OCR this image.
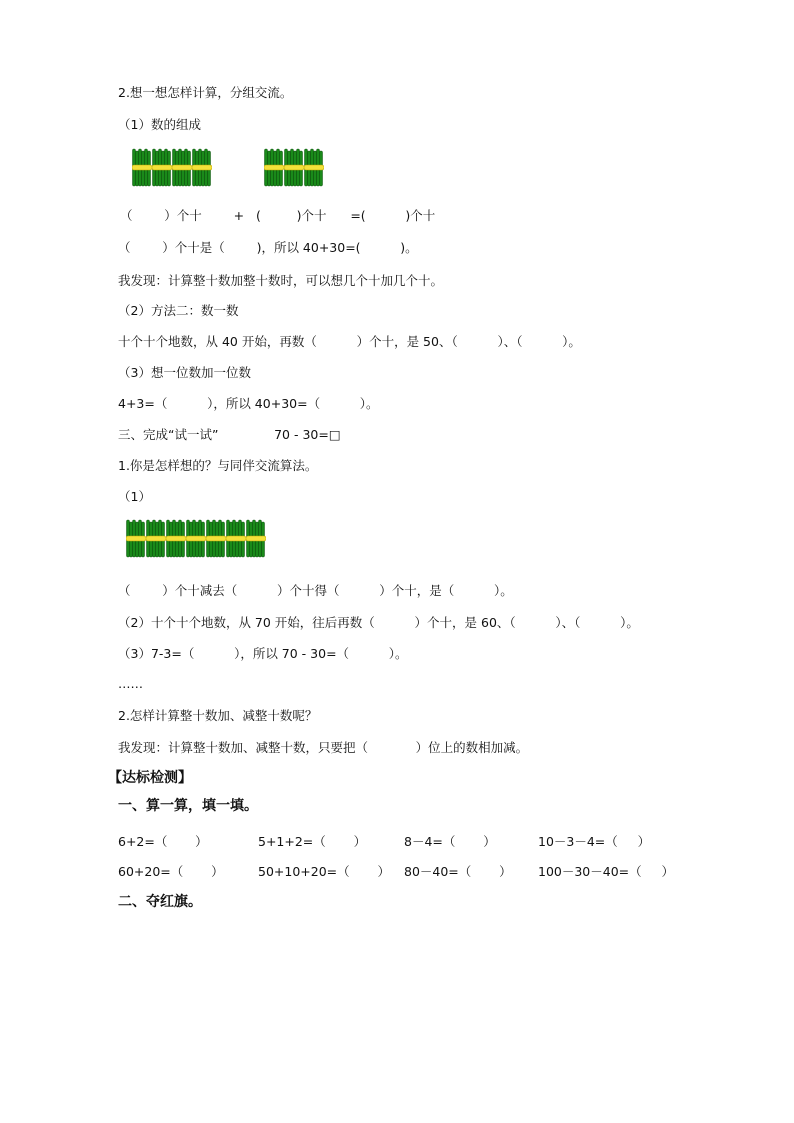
2.想一想怎样计算，分组交流。
（1）数的组成
（        ）个十        +   (         )个十      =(          )个十
（        ）个十是（        )，所以 40+30=(          )。
我发现：计算整十数加整十数时，可以想几个十加几个十。
（2）方法二：数一数
十个十个地数，从 40 开始，再数（          ）个十，是 50、（          ）、（          ）。
（3）想一位数加一位数
4+3=（          ），所以 40+30=（          ）。
三、完成“试一试”              70 - 30=□
1.你是怎样想的？与同伴交流算法。
（1）
（        ）个十减去（          ）个十得（          ）个十，是（          ）。
（2）十个十个地数，从 70 开始，往后再数（          ）个十，是 60、（          ）、（          ）。
（3）7-3=（          ），所以 70 - 30=（          ）。
……
2.怎样计算整十数加、减整十数呢？
我发现：计算整十数加、减整十数，只要把（            ）位上的数相加减。
【达标检测】
一、算一算，填一填。
6+2=（       ）	5+1+2=（       ）	8－4=（       ）	10－3－4=（     ）
60+20=（       ）	50+10+20=（       ） 80－40=（       ） 100－30－40=（     ）
二、夺红旗。
